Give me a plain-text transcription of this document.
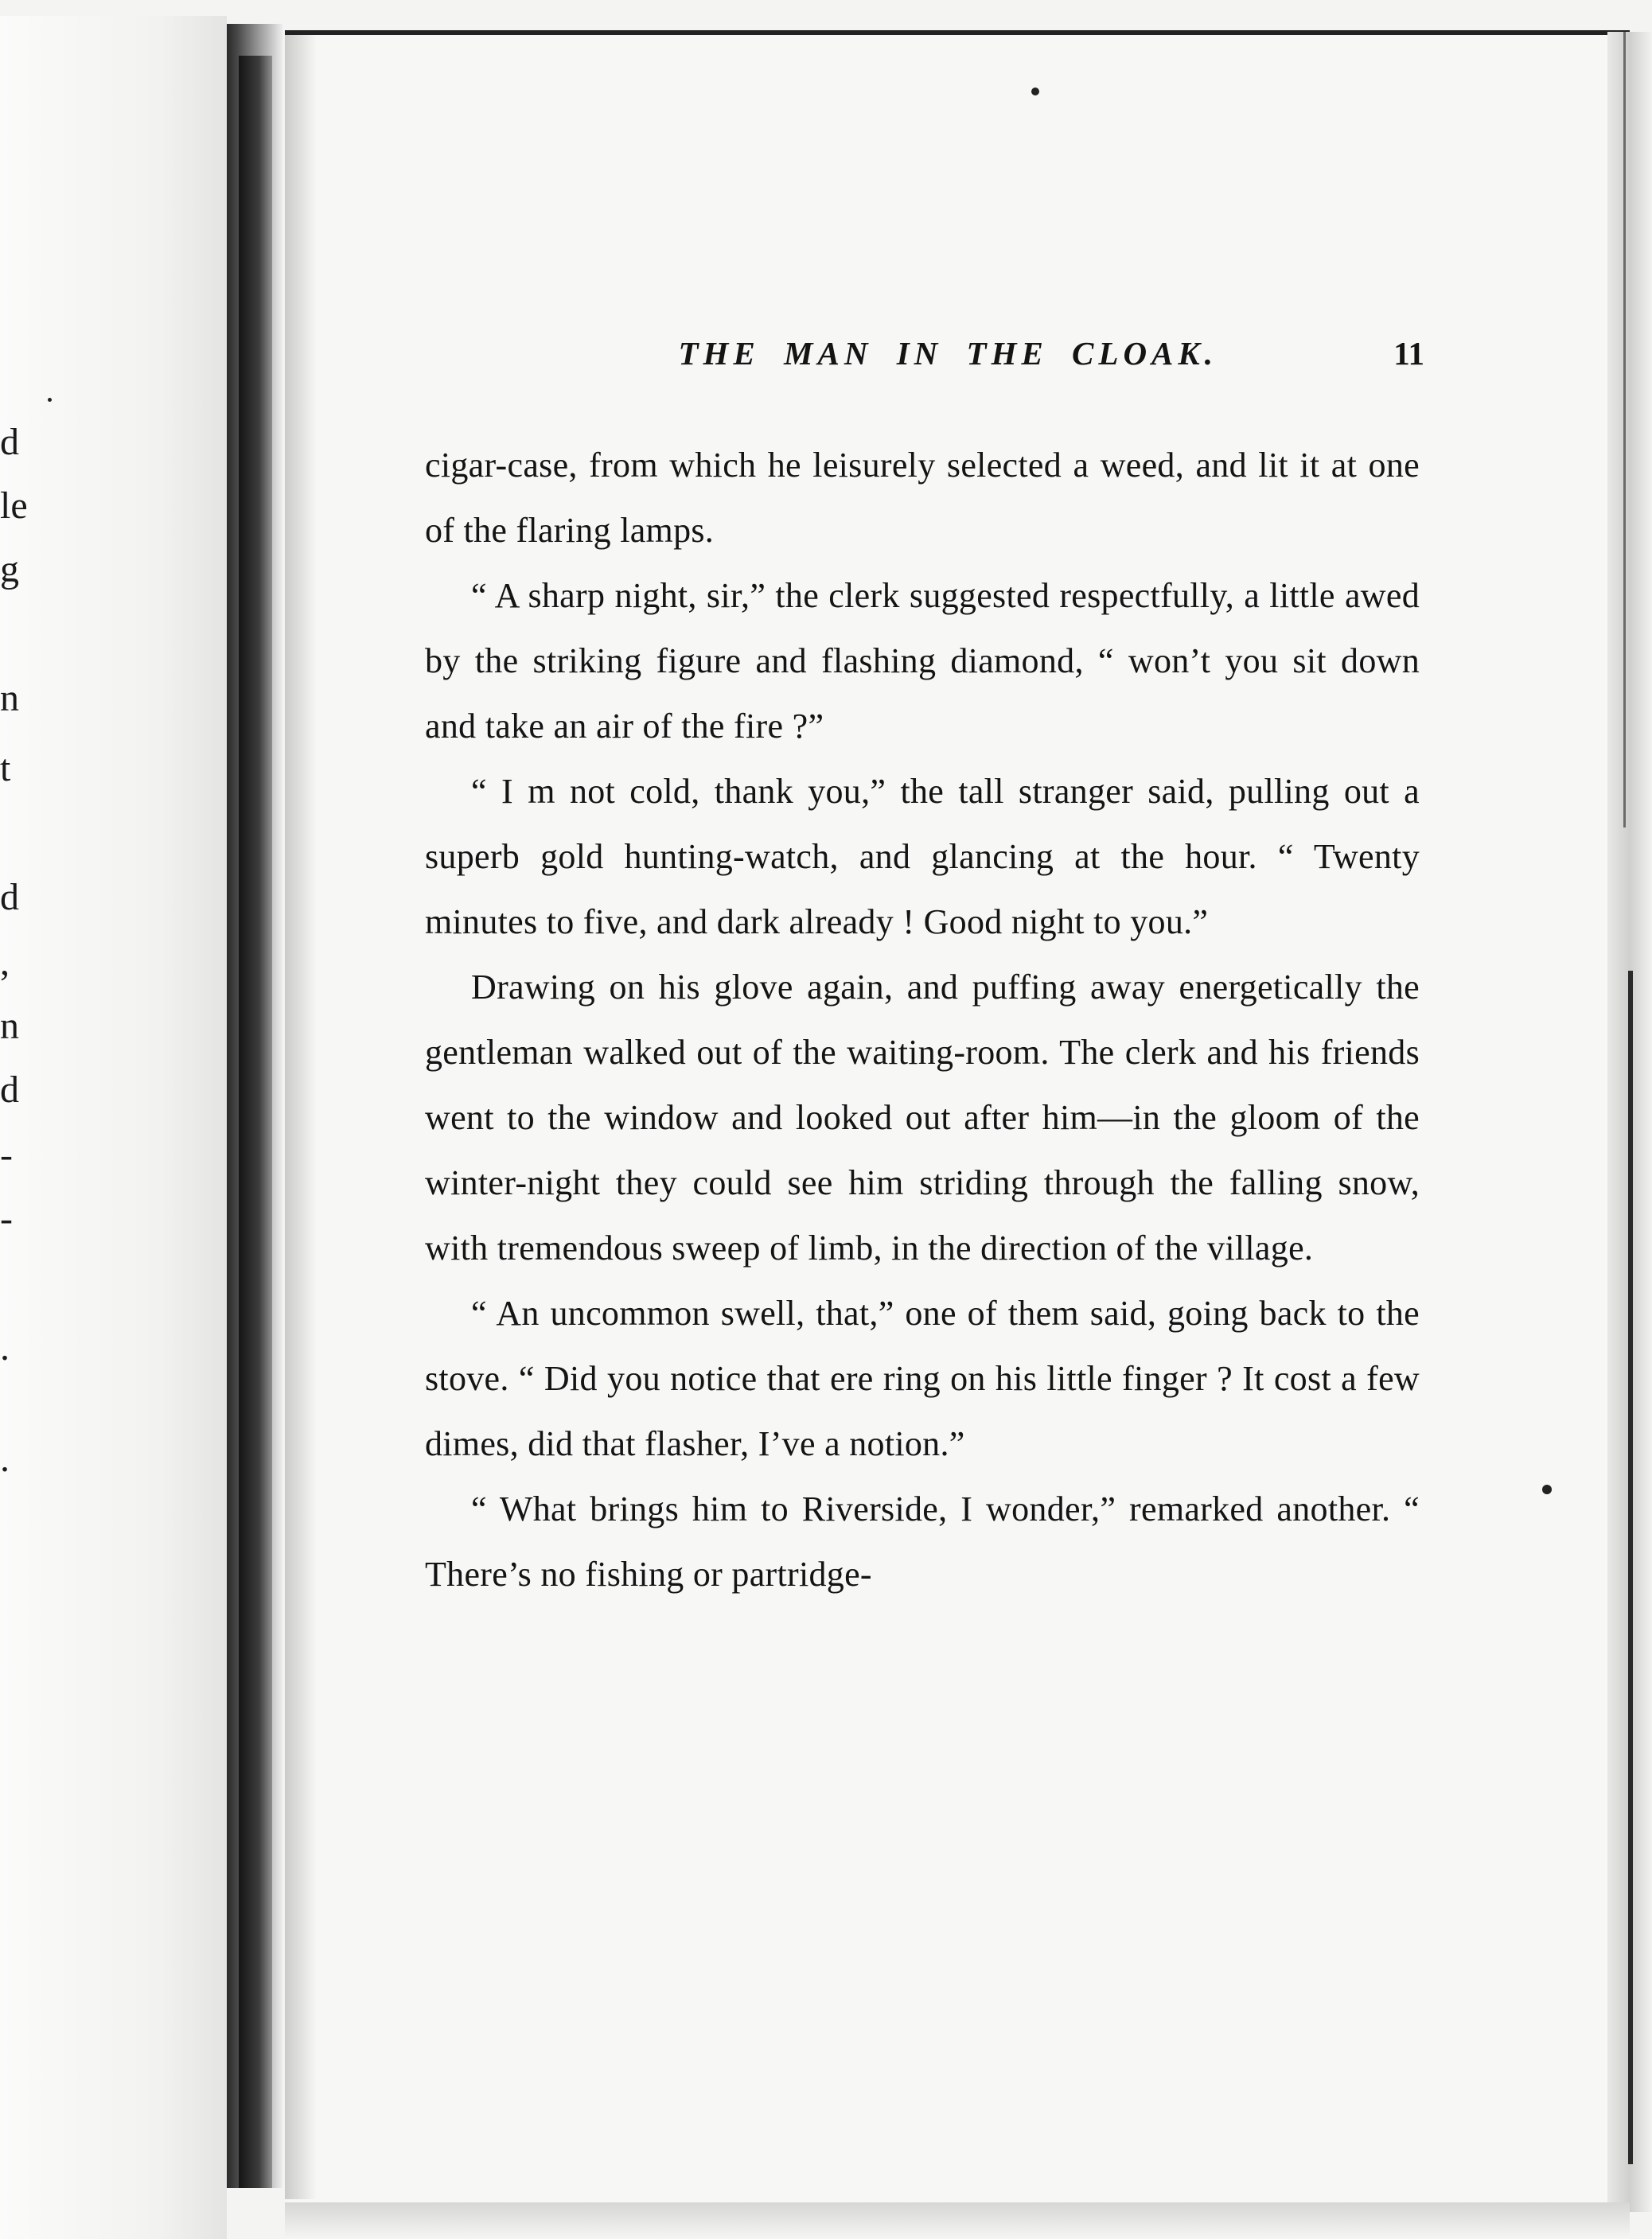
d
le
g
n
t
d
,
n
d
-
-
.
.
THE MAN IN THE CLOAK.	11

cigar-case, from which he leisurely selected a weed, and lit it at one of the flaring lamps.

“ A sharp night, sir,” the clerk suggested respectfully, a little awed by the striking figure and flashing diamond, “ won’t you sit down and take an air of the fire ?”

“ I m not cold, thank you,” the tall stranger said, pulling out a superb gold hunting-watch, and glancing at the hour. “ Twenty minutes to five, and dark already ! Good night to you.”

Drawing on his glove again, and puffing away energetically the gentleman walked out of the waiting-room. The clerk and his friends went to the window and looked out after him—in the gloom of the winter-night they could see him striding through the falling snow, with tremendous sweep of limb, in the direction of the village.

“ An uncommon swell, that,” one of them said, going back to the stove. “ Did you notice that ere ring on his little finger ? It cost a few dimes, did that flasher, I’ve a notion.”

“ What brings him to Riverside, I wonder,” remarked another. “ There’s no fishing or partridge-
